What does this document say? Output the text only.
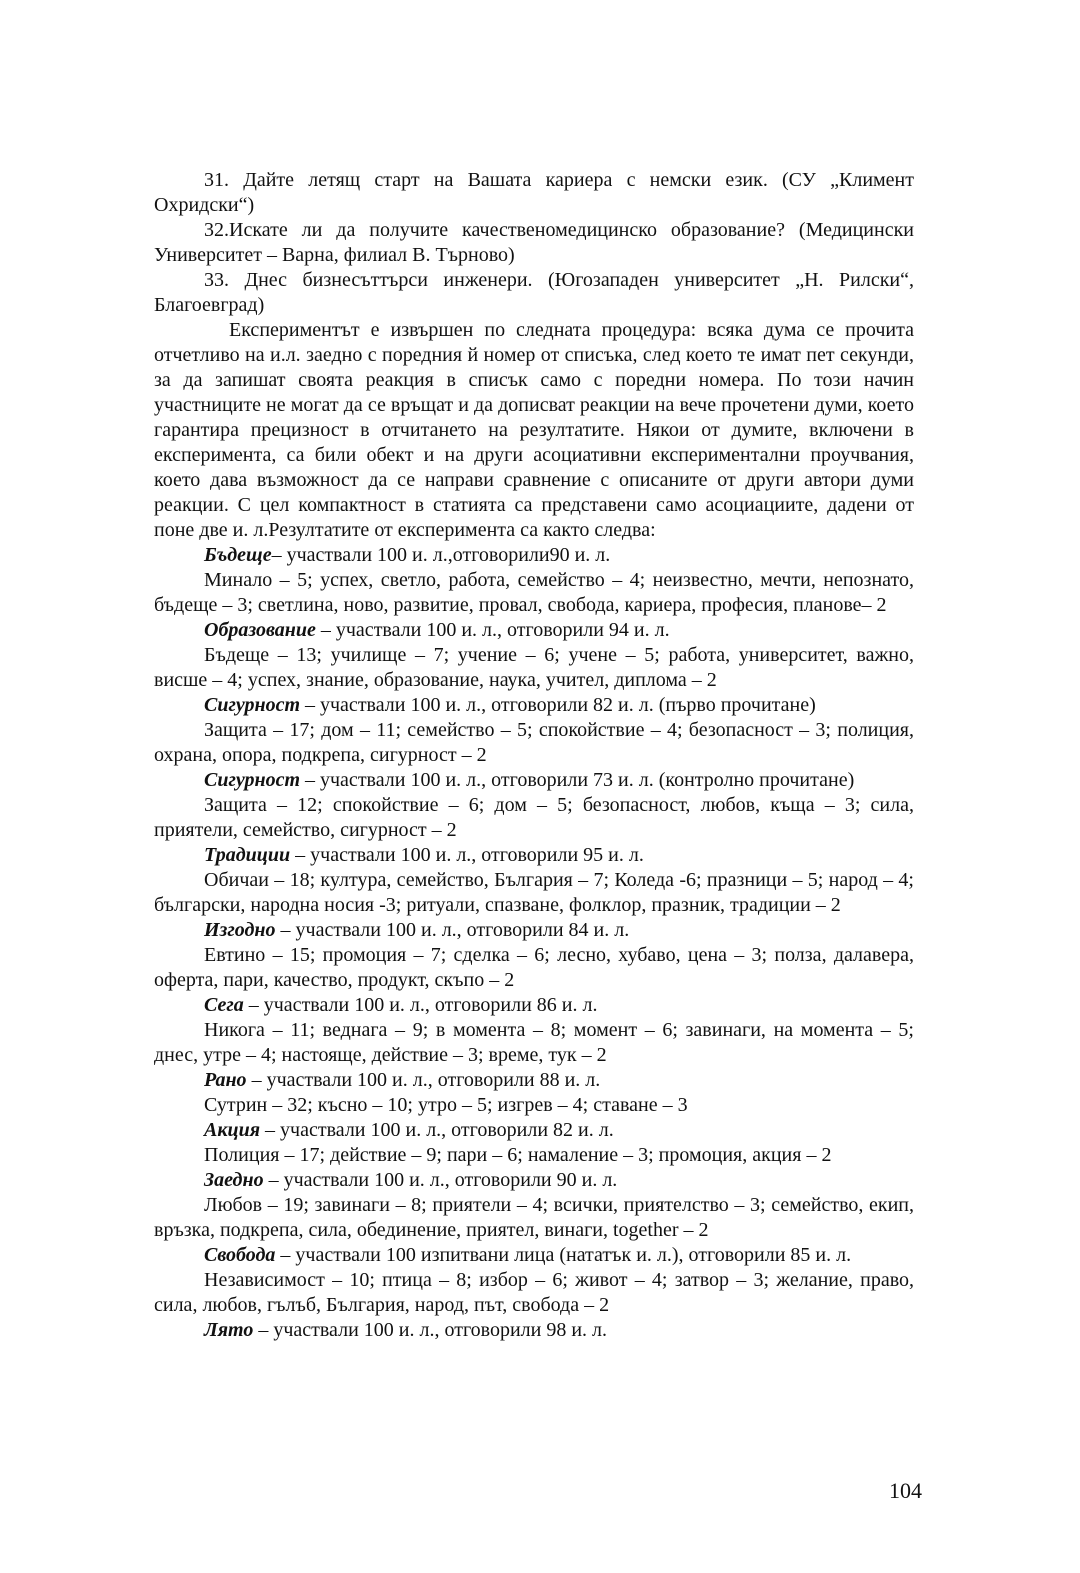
31. Дайте летящ старт на Вашата кариера с немски език. (СУ „Климент Охридски“)

32.Искате ли да получите качественомедицинско образование? (Медицински Университет – Варна, филиал В. Търново)

33. Днес бизнесъттърси инженери. (Югозападен университет „Н. Рилски“, Благоевград)

Експериментът е извършен по следната процедура: всяка дума се прочита отчетливо на и.л. заедно с поредния й номер от списъка, след което те имат пет секунди, за да запишат своята реакция в списък само с поредни номера. По този начин участниците не могат да се връщат и да дописват реакции на вече прочетени думи, което гарантира прецизност в отчитането на резултатите. Някои от думите, включени в експеримента, са били обект и на други асоциативни експериментални проучвания, което дава възможност да се направи сравнение с описаните от други автори думи реакции. С цел компактност в статията са представени само асоциациите, дадени от поне две и. л.Резултатите от експеримента са както следва:

Бъдеще– участвали 100 и. л.,отговорили90 и. л.

Минало – 5; успех, светло, работа, семейство – 4; неизвестно, мечти, непознато, бъдеще – 3; светлина, ново, развитие, провал, свобода, кариера, професия, планове– 2

Образование – участвали 100 и. л., отговорили 94 и. л.

Бъдеще – 13; училище – 7; учение – 6; учене – 5; работа, университет, важно, висше – 4; успех, знание, образование, наука, учител, диплома – 2

Сигурност – участвали 100 и. л., отговорили 82 и. л. (първо прочитане)

Защита – 17; дом – 11; семейство – 5; спокойствие – 4; безопасност – 3; полиция, охрана, опора, подкрепа, сигурност – 2

Сигурност – участвали 100 и. л., отговорили 73 и. л. (контролно прочитане)

Защита – 12; спокойствие – 6; дом – 5; безопасност, любов, къща – 3; сила, приятели, семейство, сигурност – 2

Традиции – участвали 100 и. л., отговорили 95 и. л.

Обичаи – 18; култура, семейство, България – 7; Коледа -6; празници – 5; народ – 4; български, народна носия -3; ритуали, спазване, фолклор, празник, традиции – 2

Изгодно – участвали 100 и. л., отговорили 84 и. л.

Евтино – 15; промоция – 7; сделка – 6; лесно, хубаво, цена – 3; полза, далавера, оферта, пари, качество, продукт, скъпо – 2

Сега – участвали 100 и. л., отговорили 86 и. л.

Никога – 11; веднага – 9; в момента – 8; момент – 6; завинаги, на момента – 5; днес, утре – 4; настояще, действие – 3; време, тук – 2

Рано – участвали 100 и. л., отговорили 88 и. л.

Сутрин – 32; късно – 10; утро – 5; изгрев – 4; ставане – 3

Акция – участвали 100 и. л., отговорили 82 и. л.

Полиция – 17; действие – 9; пари – 6; намаление – 3; промоция, акция – 2

Заедно – участвали 100 и. л., отговорили 90 и. л.

Любов – 19; завинаги – 8; приятели – 4; всички, приятелство – 3; семейство, екип, връзка, подкрепа, сила, обединение, приятел, винаги, together – 2

Свобода – участвали 100 изпитвани лица (нататък и. л.), отговорили 85 и. л.

Независимост – 10; птица – 8; избор – 6; живот – 4; затвор – 3; желание, право, сила, любов, гълъб, България, народ, път, свобода – 2

Лято – участвали 100 и. л., отговорили 98 и. л.

104
